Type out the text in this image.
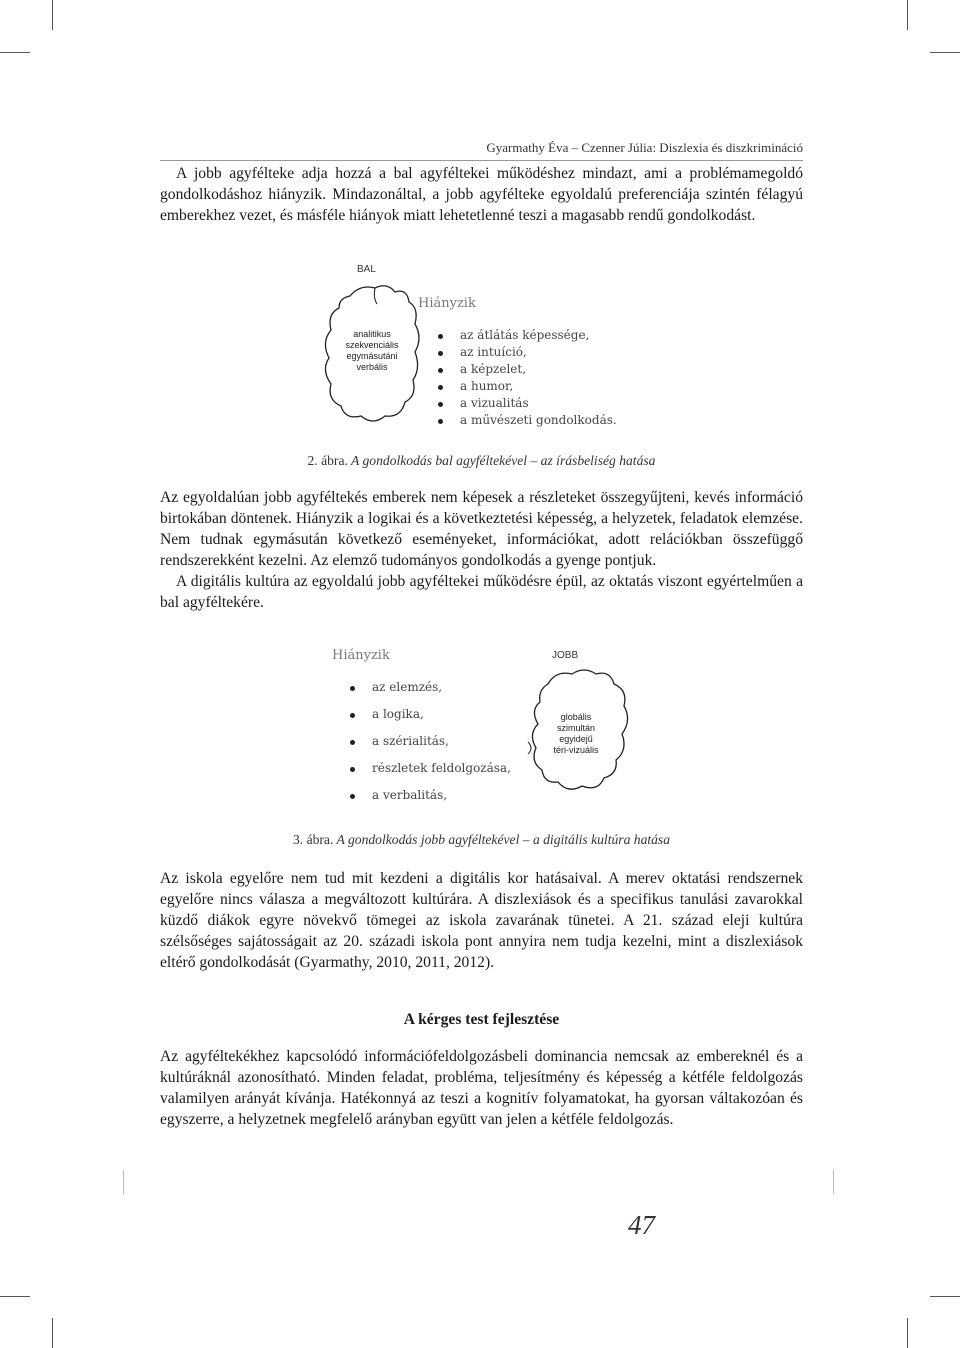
Gyarmathy Éva – Czenner Júlia: Diszlexia és diszkrimináció

A jobb agyfélteke adja hozzá a bal agyféltekei működéshez mindazt, ami a problémamegoldó gondolkodáshoz hiányzik. Mindazonáltal, a jobb agyfélteke egyoldalú preferenciája szintén félagyú emberekhez vezet, és másféle hiányok miatt lehetetlenné teszi a magasabb rendű gondolkodást.

BAL
analitikus
szekvenciális
egymásutáni
verbális
Hiányzik
az átlátás képessége,
az intuíció,
a képzelet,
a humor,
a vizualitás
a művészeti gondolkodás.
2. ábra. A gondolkodás bal agyféltekével – az írásbeliség hatása

Az egyoldalúan jobb agyféltekés emberek nem képesek a részleteket összegyűjteni, kevés információ birtokában döntenek. Hiányzik a logikai és a következtetési képesség, a helyzetek, feladatok elemzése. Nem tudnak egymásután következő eseményeket, információkat, adott relációkban összefüggő rendszerekként kezelni. Az elemző tudományos gondolkodás a gyenge pontjuk.

A digitális kultúra az egyoldalú jobb agyféltekei működésre épül, az oktatás viszont egyértelműen a bal agyféltekére.

Hiányzik
az elemzés,
a logika,
a szérialitás,
részletek feldolgozása,
a verbalitás,
JOBB
globális
szimultán
egyidejű
téri-vizuális
3. ábra. A gondolkodás jobb agyféltekével – a digitális kultúra hatása

Az iskola egyelőre nem tud mit kezdeni a digitális kor hatásaival. A merev oktatási rendszernek egyelőre nincs válasza a megváltozott kultúrára. A diszlexiások és a specifikus tanulási zavarokkal küzdő diákok egyre növekvő tömegei az iskola zavarának tünetei. A 21. század eleji kultúra szélsőséges sajátosságait az 20. századi iskola pont annyira nem tudja kezelni, mint a diszlexiások eltérő gondolkodását (Gyarmathy, 2010, 2011, 2012).

A kérges test fejlesztése

Az agyféltekékhez kapcsolódó információfeldolgozásbeli dominancia nemcsak az embereknél és a kultúráknál azonosítható. Minden feladat, probléma, teljesítmény és képesség a kétféle feldolgozás valamilyen arányát kívánja. Hatékonnyá az teszi a kognitív folyamatokat, ha gyorsan váltakozóan és egyszerre, a helyzetnek megfelelő arányban együtt van jelen a kétféle feldolgozás.

47
